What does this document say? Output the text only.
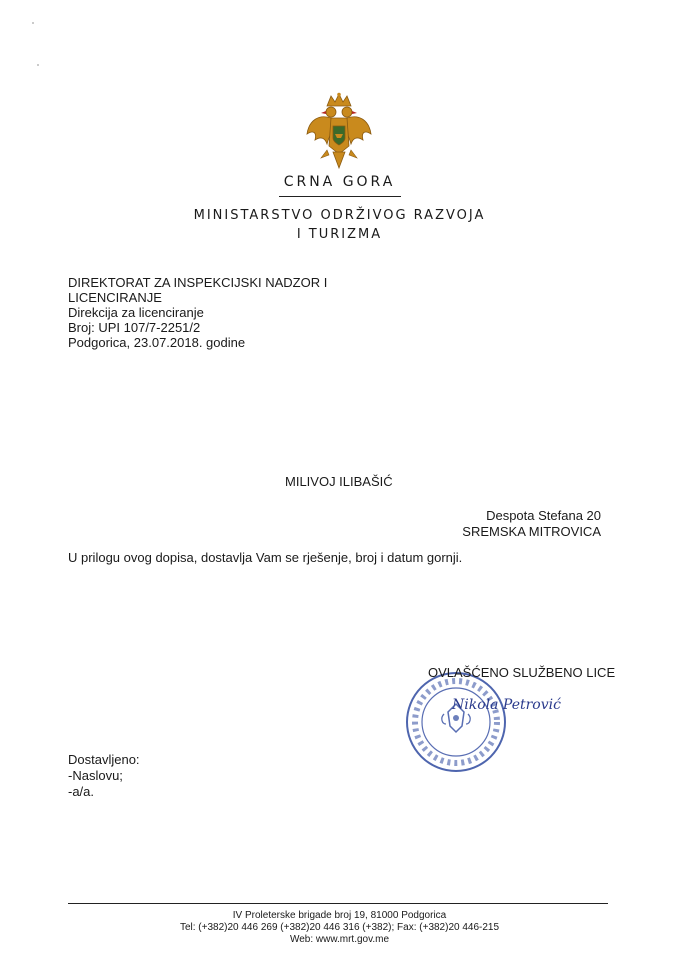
CRNA GORA
MINISTARSTVO ODRŽIVOG RAZVOJA
I TURIZMA
DIREKTORAT ZA INSPEKCIJSKI NADZOR I
LICENCIRANJE
Direkcija za licenciranje
Broj: UPI 107/7-2251/2
Podgorica, 23.07.2018. godine
MILIVOJ ILIBAŠIĆ
Despota Stefana 20
SREMSKA MITROVICA
U prilogu ovog dopisa, dostavlja Vam se rješenje, broj i datum gornji.
OVLAŠĆENO SLUŽBENO LICE
Nikola Petrović
Dostavljeno:
-Naslovu;
-a/a.
IV Proleterske brigade broj 19, 81000 Podgorica
Tel: (+382)20 446 269 (+382)20 446 316 (+382); Fax: (+382)20 446-215
Web: www.mrt.gov.me
